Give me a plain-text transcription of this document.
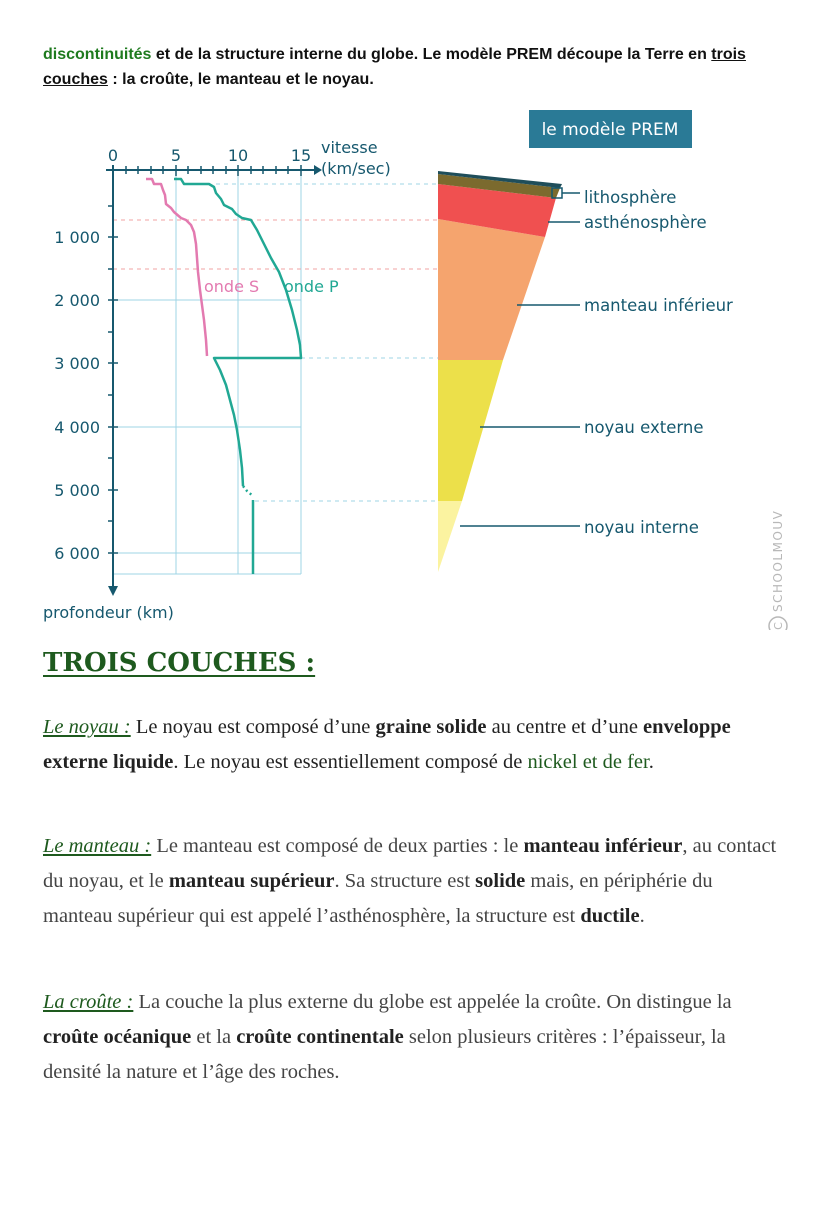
discontinuités et de la structure interne du globe. Le modèle PREM découpe la Terre en trois couches : la croûte, le manteau et le noyau.
0	5	10	15
1 000
2 000
3 000
4 000
5 000
6 000
vitesse
(km/sec)
profondeur (km)
onde S onde P
lithosphère
asthénosphère
manteau inférieur
noyau externe
noyau interne
le modèle PREM
C
SCHOOLMOUV
TROIS COUCHES :

Le noyau : Le noyau est composé d’une graine solide au centre et d’une enveloppe externe liquide. Le noyau est essentiellement composé de nickel et de fer.

Le manteau : Le manteau est composé de deux parties : le manteau inférieur, au contact du noyau, et le manteau supérieur. Sa structure est solide mais, en périphérie du manteau supérieur qui est appelé l’asthénosphère, la structure est ductile.

La croûte : La couche la plus externe du globe est appelée la croûte. On distingue la croûte océanique et la croûte continentale selon plusieurs critères : l’épaisseur, la densité la nature et l’âge des roches.
